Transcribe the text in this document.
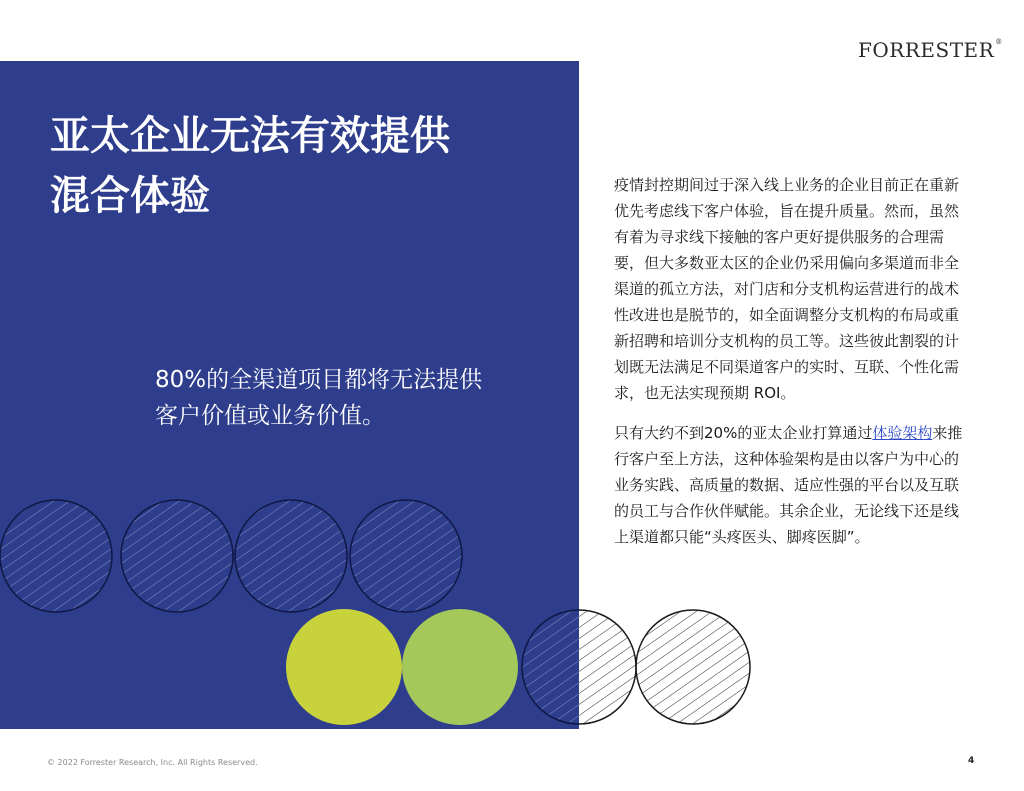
FORRESTER®
亚太企业无法有效提供
混合体验
80%的全渠道项目都将无法提供
客户价值或业务价值。

疫情封控期间过于深入线上业务的企业目前正在重新优先考虑线下客户体验，旨在提升质量。然而，虽然有着为寻求线下接触的客户更好提供服务的合理需要，但大多数亚太区的企业仍采用偏向多渠道而非全渠道的孤立方法，对门店和分支机构运营进行的战术性改进也是脱节的，如全面调整分支机构的布局或重新招聘和培训分支机构的员工等。这些彼此割裂的计划既无法满足不同渠道客户的实时、互联、个性化需求，也无法实现预期 ROI。

只有大约不到20%的亚太企业打算通过体验架构来推行客户至上方法，这种体验架构是由以客户为中心的业务实践、高质量的数据、适应性强的平台以及互联的员工与合作伙伴赋能。其余企业，无论线下还是线上渠道都只能“头疼医头、脚疼医脚”。

© 2022 Forrester Research, Inc. All Rights Reserved.	4
